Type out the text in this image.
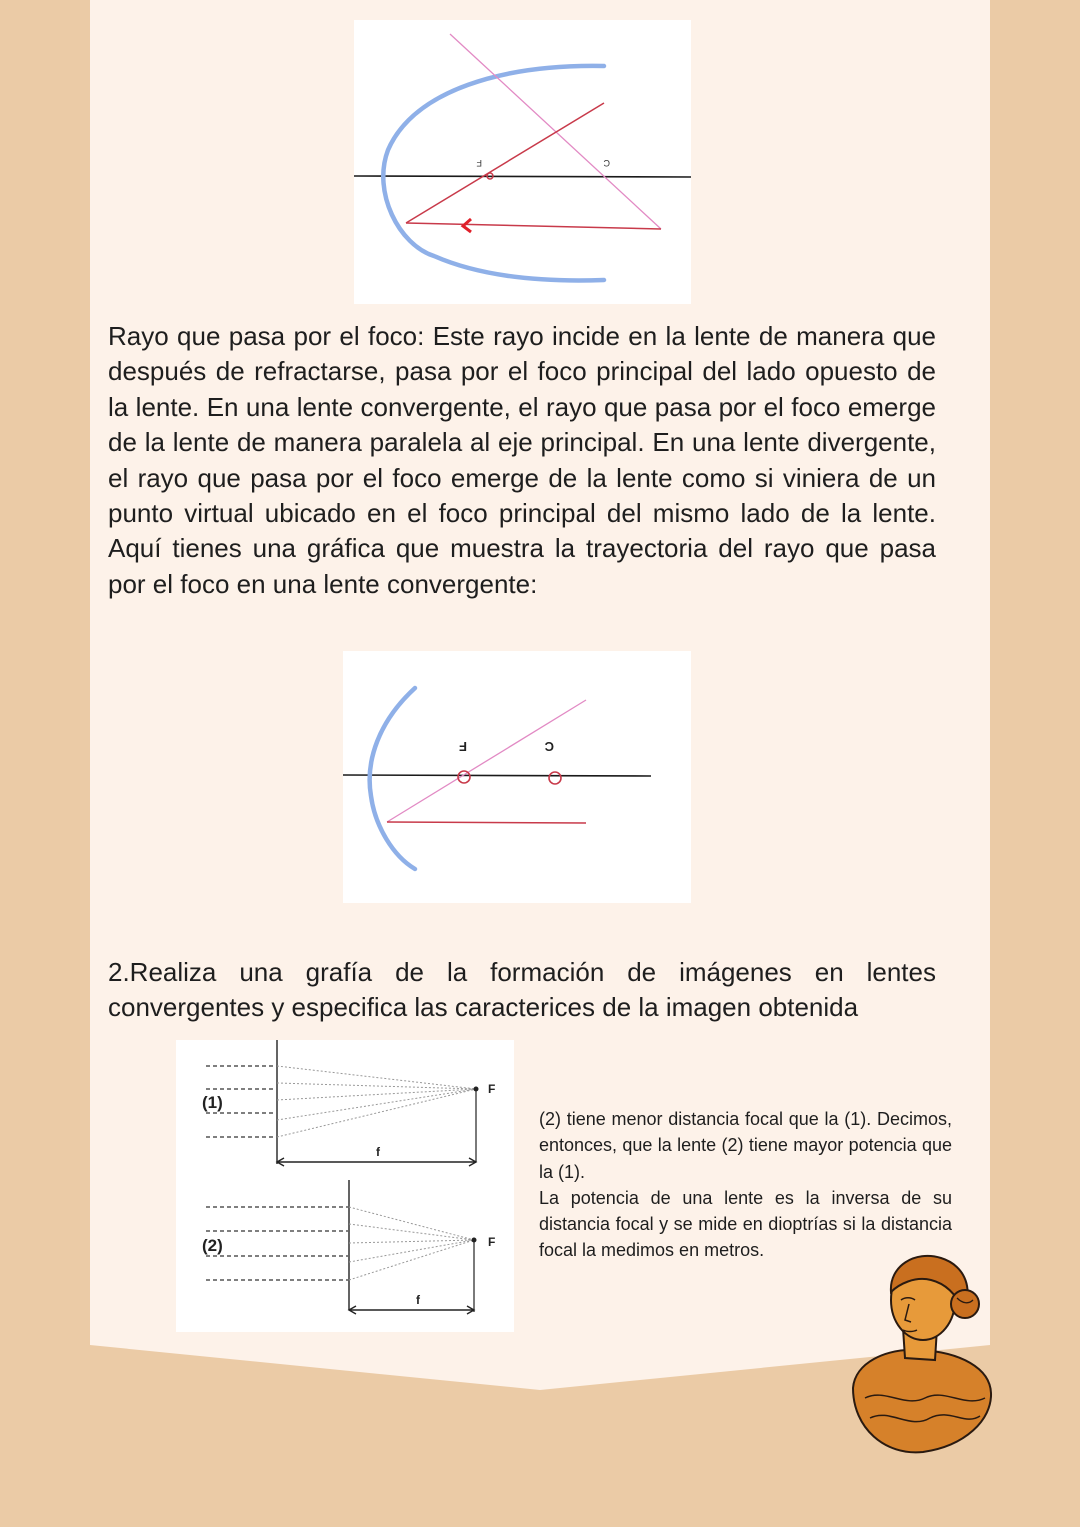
F	C

Rayo que pasa por el foco: Este rayo incide en la lente de manera que después de refractarse, pasa por el foco principal del lado opuesto de la lente. En una lente convergente, el rayo que pasa por el foco emerge de la lente de manera paralela al eje principal. En una lente divergente, el rayo que pasa por el foco emerge de la lente como si viniera de un punto virtual ubicado en el foco principal del mismo lado de la lente. Aquí tienes una gráfica que muestra la trayectoria del rayo que pasa por el foco en una lente convergente:

F	C

2.Realiza una grafía de la formación de imágenes en lentes convergentes y especifica las caracterices de la imagen obtenida

(1)
F
f
(2)	F
f

(2) tiene menor distancia focal que la (1). Decimos, entonces, que la lente (2) tiene mayor potencia que la (1).
La potencia de una lente es la inversa de su distancia focal y se mide en dioptrías si la distancia focal la medimos en metros.
